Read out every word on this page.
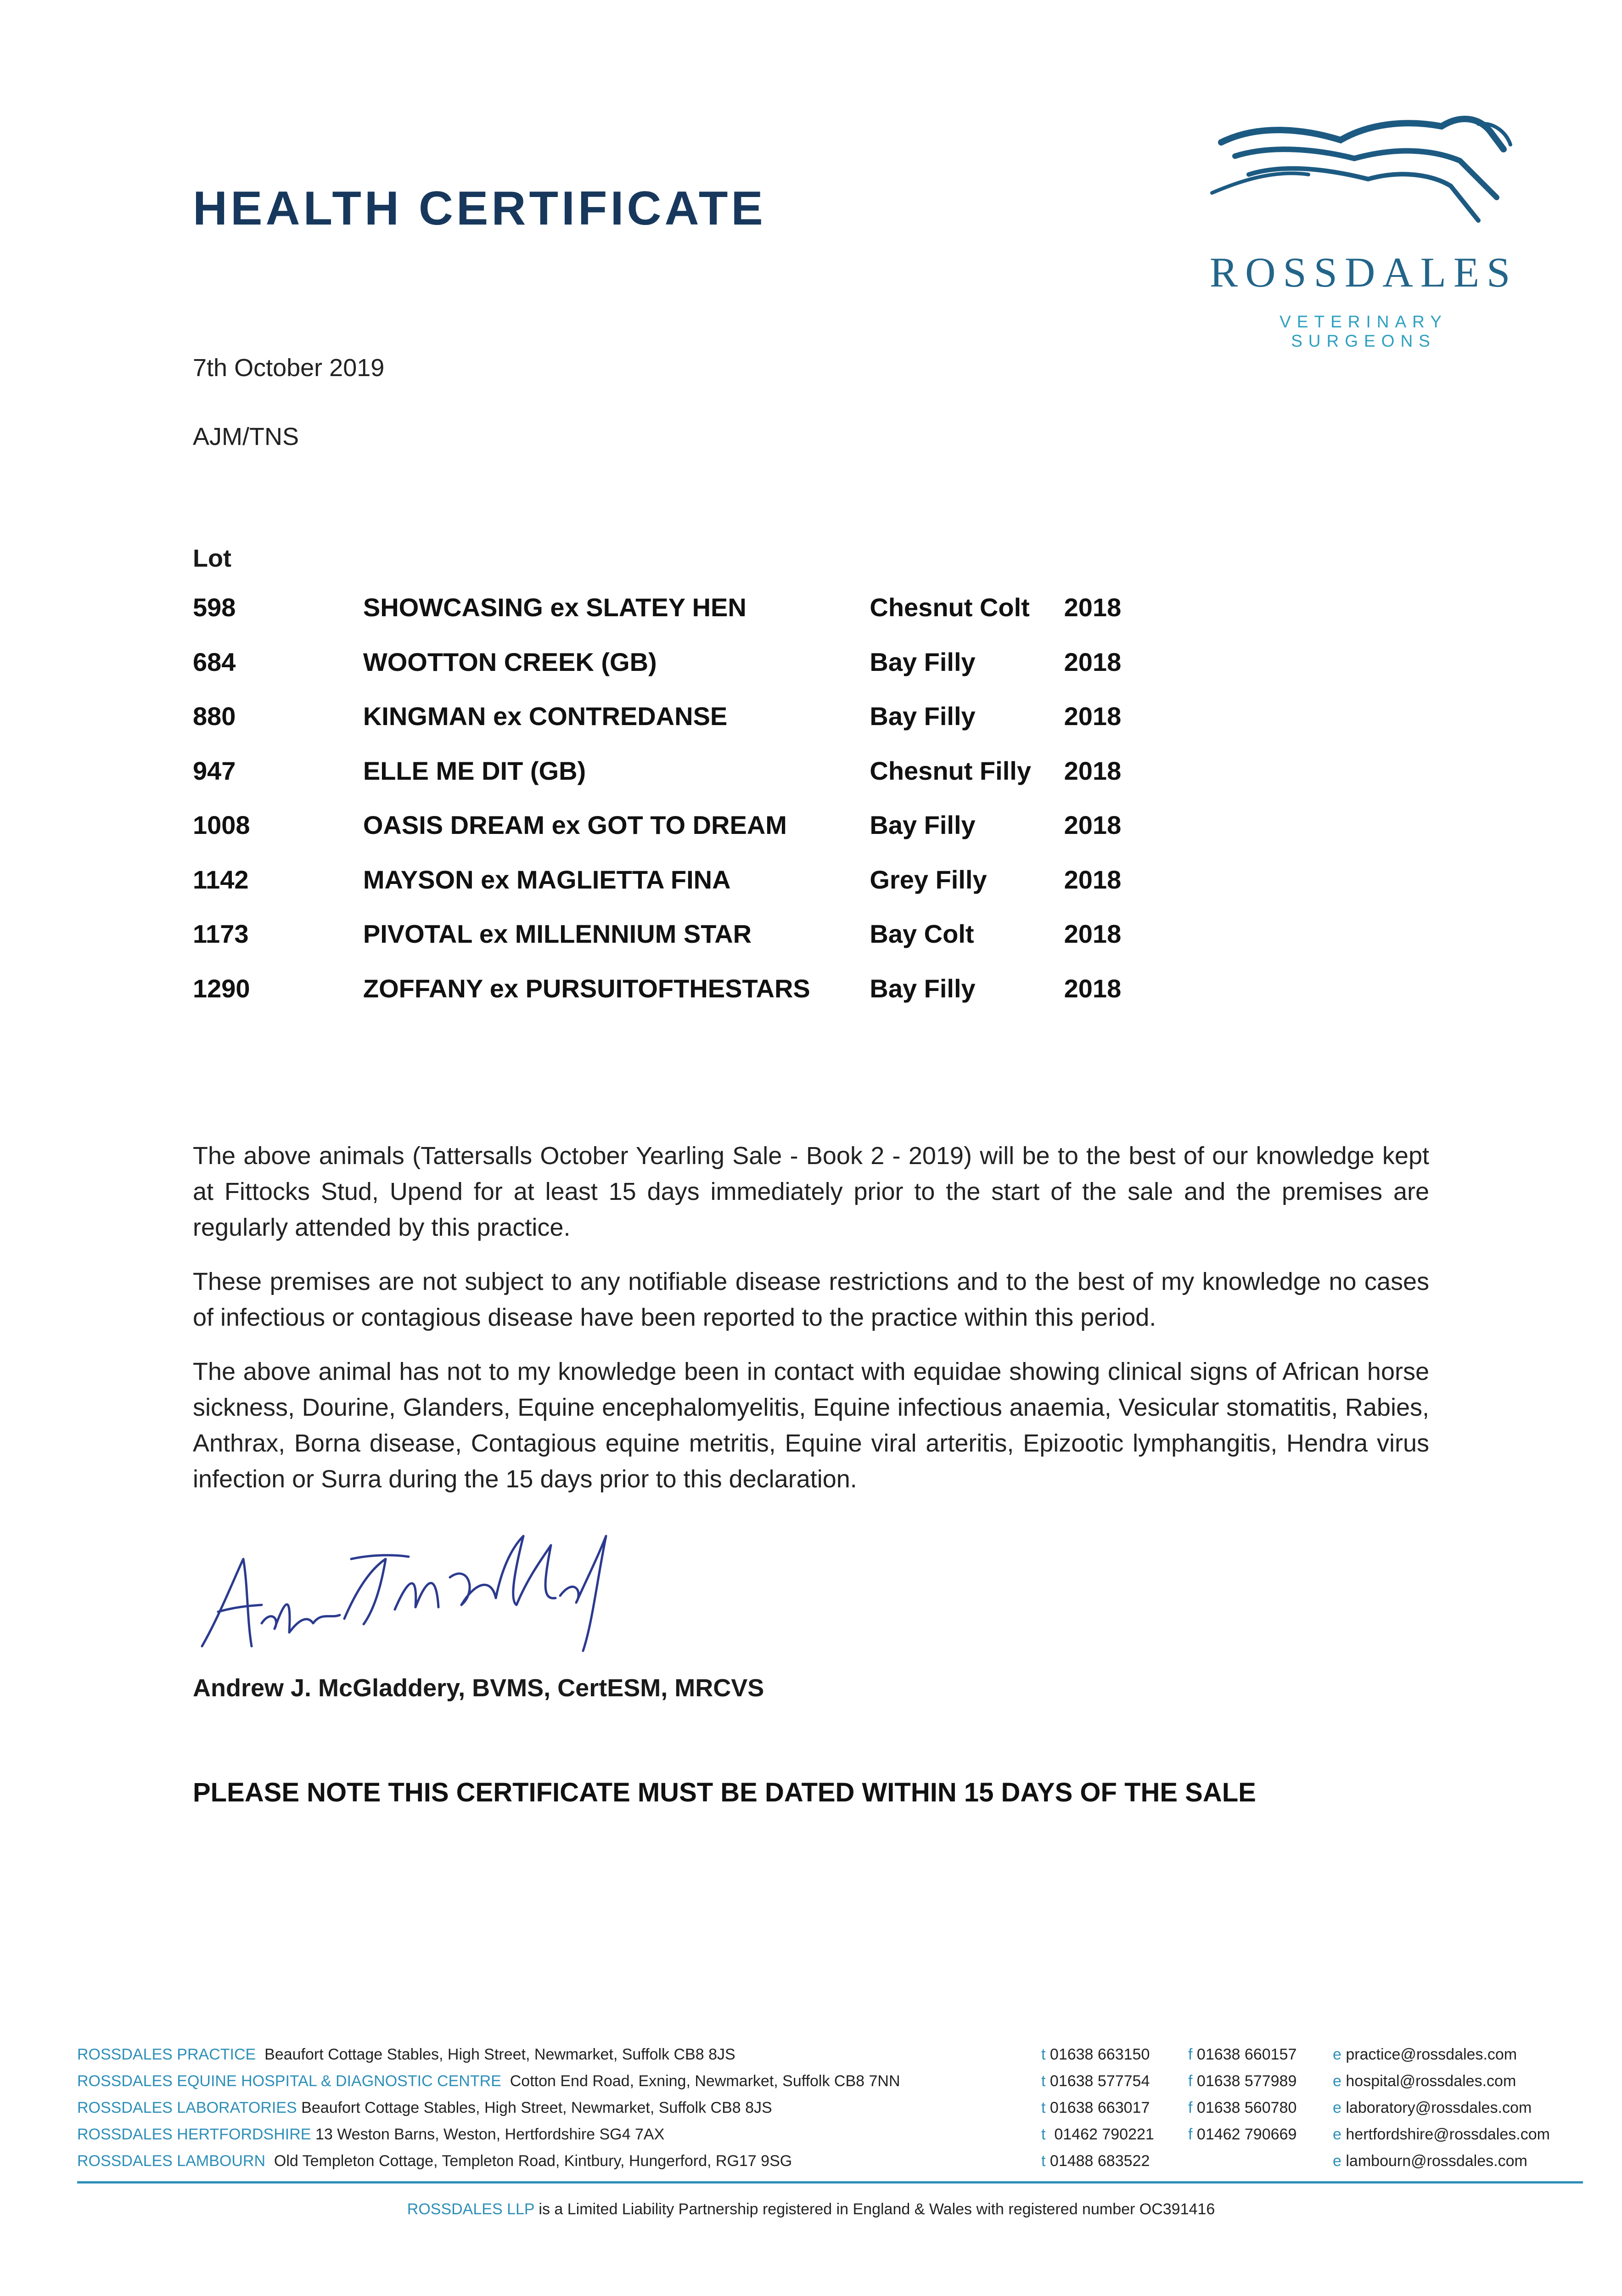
HEALTH CERTIFICATE
ROSSDALES
VETERINARY SURGEONS
7th October 2019
AJM/TNS
Lot
598	SHOWCASING ex SLATEY HEN	Chesnut Colt	2018
684	WOOTTON CREEK (GB)	Bay Filly	2018
880	KINGMAN ex CONTREDANSE	Bay Filly	2018
947	ELLE ME DIT (GB)	Chesnut Filly	2018
1008	OASIS DREAM ex GOT TO DREAM	Bay Filly	2018
1142	MAYSON ex MAGLIETTA FINA	Grey Filly	2018
1173	PIVOTAL ex MILLENNIUM STAR	Bay Colt	2018
1290	ZOFFANY ex PURSUITOFTHESTARS	Bay Filly	2018

The above animals (Tattersalls October Yearling Sale - Book 2 - 2019) will be to the best of our knowledge kept at Fittocks Stud, Upend for at least 15 days immediately prior to the start of the sale and the premises are regularly attended by this practice.

These premises are not subject to any notifiable disease restrictions and to the best of my knowledge no cases of infectious or contagious disease have been reported to the practice within this period.

The above animal has not to my knowledge been in contact with equidae showing clinical signs of African horse sickness, Dourine, Glanders, Equine encephalomyelitis, Equine infectious anaemia, Vesicular stomatitis, Rabies, Anthrax, Borna disease, Contagious equine metritis, Equine viral arteritis, Epizootic lymphangitis, Hendra virus infection or Surra during the 15 days prior to this declaration.

Andrew J. McGladdery, BVMS, CertESM, MRCVS
PLEASE NOTE THIS CERTIFICATE MUST BE DATED WITHIN 15 DAYS OF THE SALE
ROSSDALES PRACTICE Beaufort Cottage Stables, High Street, Newmarket, Suffolk CB8 8JS	t 01638 663150 f 01638 660157 e practice@rossdales.com
ROSSDALES EQUINE HOSPITAL & DIAGNOSTIC CENTRE Cotton End Road, Exning, Newmarket, Suffolk CB8 7NN	t 01638 577754 f 01638 577989 e hospital@rossdales.com
ROSSDALES LABORATORIES Beaufort Cottage Stables, High Street, Newmarket, Suffolk CB8 8JS	t 01638 663017 f 01638 560780 e laboratory@rossdales.com
ROSSDALES HERTFORDSHIRE 13 Weston Barns, Weston, Hertfordshire SG4 7AX	t 01462 790221 f 01462 790669 e hertfordshire@rossdales.com
ROSSDALES LAMBOURN Old Templeton Cottage, Templeton Road, Kintbury, Hungerford, RG17 9SG	t 01488 683522	e lambourn@rossdales.com
ROSSDALES LLP is a Limited Liability Partnership registered in England & Wales with registered number OC391416
